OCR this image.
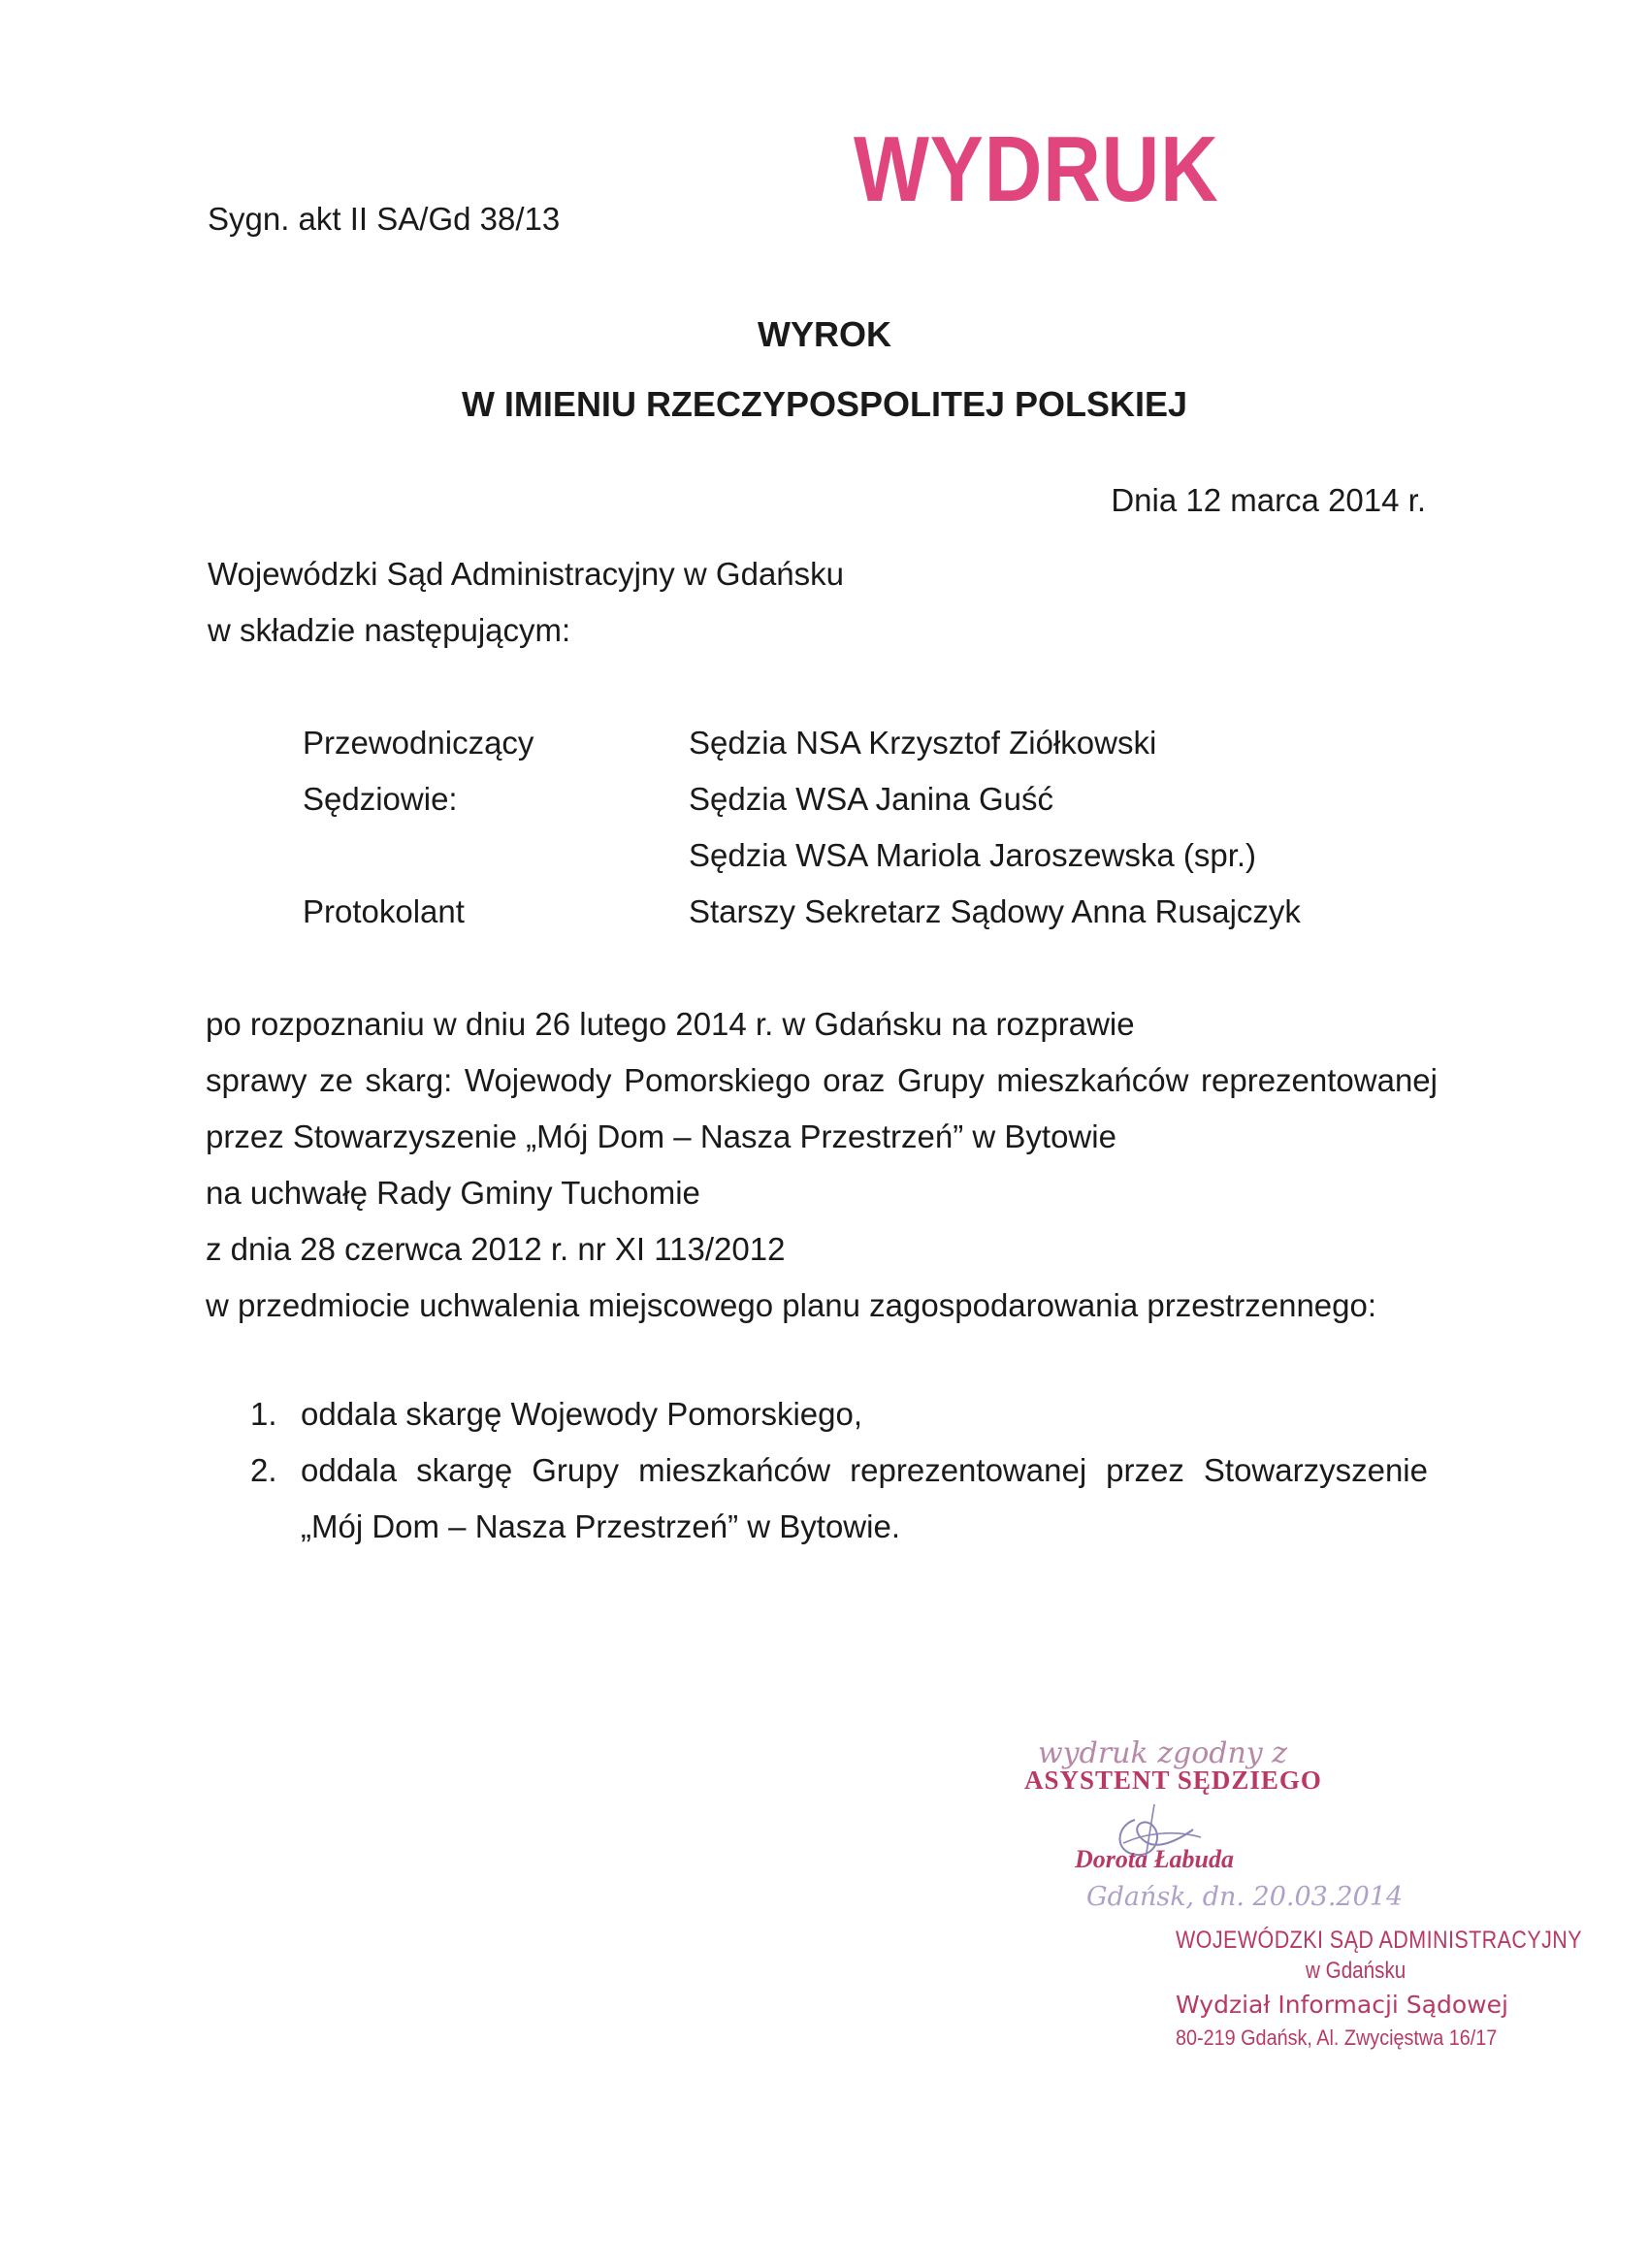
WYDRUK
Sygn. akt II SA/Gd 38/13
WYROK
W IMIENIU RZECZYPOSPOLITEJ POLSKIEJ
Dnia 12 marca 2014 r.
Wojewódzki Sąd Administracyjny w Gdańsku
w składzie następującym:
Przewodniczący	Sędzia NSA Krzysztof Ziółkowski
Sędziowie:	Sędzia WSA Janina Guść
Sędzia WSA Mariola Jaroszewska (spr.)
Protokolant	Starszy Sekretarz Sądowy Anna Rusajczyk
po rozpoznaniu w dniu 26 lutego 2014 r. w Gdańsku na rozprawie
sprawy ze skarg: Wojewody Pomorskiego oraz Grupy mieszkańców reprezentowanej
przez Stowarzyszenie „Mój Dom – Nasza Przestrzeń” w Bytowie
na uchwałę Rady Gminy Tuchomie
z dnia 28 czerwca 2012 r. nr XI 113/2012
w przedmiocie uchwalenia miejscowego planu zagospodarowania przestrzennego:
1. oddala skargę Wojewody Pomorskiego,
2. oddala skargę Grupy mieszkańców reprezentowanej przez Stowarzyszenie
„Mój Dom – Nasza Przestrzeń” w Bytowie.
wydruk zgodny z
ASYSTENT SĘDZIEGO
Dorota Łabuda
Gdańsk, dn. 20.03.2014
WOJEWÓDZKI SĄD ADMINISTRACYJNY
w Gdańsku
Wydział Informacji Sądowej
80-219 Gdańsk, Al. Zwycięstwa 16/17
